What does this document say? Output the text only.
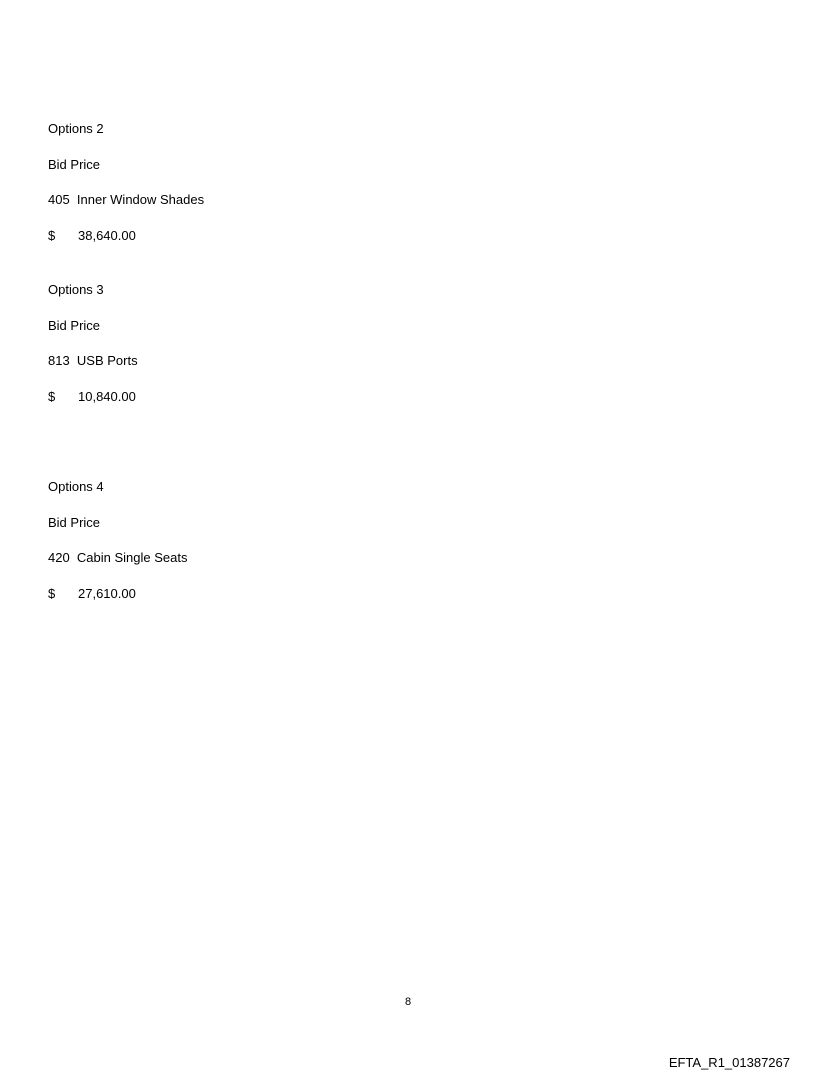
Options 2

Bid Price

405  Inner Window Shades

$ 38,640.00

Options 3

Bid Price

813  USB Ports

$ 10,840.00

Options 4

Bid Price

420  Cabin Single Seats

$ 27,610.00
8
EFTA_R1_01387267
